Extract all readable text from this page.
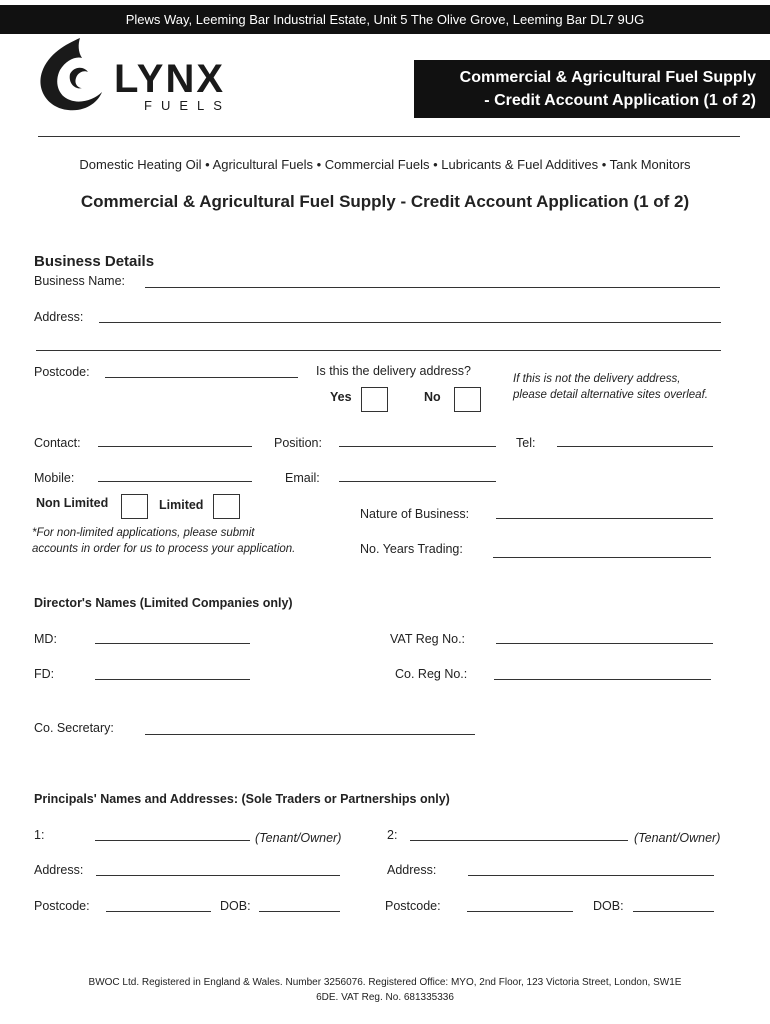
Plews Way, Leeming Bar Industrial Estate, Unit 5 The Olive Grove, Leeming Bar DL7 9UG
LYNX
FUELS
Commercial & Agricultural Fuel Supply
- Credit Account Application (1 of 2)
Domestic Heating Oil • Agricultural Fuels • Commercial Fuels • Lubricants & Fuel Additives • Tank Monitors
Commercial & Agricultural Fuel Supply - Credit Account Application (1 of 2)
Business Details
Business Name:
Address:
Postcode:	Is this the delivery address?
Yes	No
If this is not the delivery address,
please detail alternative sites overleaf.
Contact:	Position:	Tel:
Mobile:	Email:
Non Limited	Limited
*For non-limited applications, please submit
accounts in order for us to process your application.
Nature of Business:
No. Years Trading:
Director's Names (Limited Companies only)
MD:	VAT Reg No.:
FD:	Co. Reg No.:
Co. Secretary:
Principals' Names and Addresses: (Sole Traders or Partnerships only)
1:	(Tenant/Owner)	2:	(Tenant/Owner)
Address:	Address:
Postcode:	DOB:	Postcode:	DOB:
BWOC Ltd. Registered in England & Wales. Number 3256076. Registered Office: MYO, 2nd Floor, 123 Victoria Street, London, SW1E
6DE. VAT Reg. No. 681335336
